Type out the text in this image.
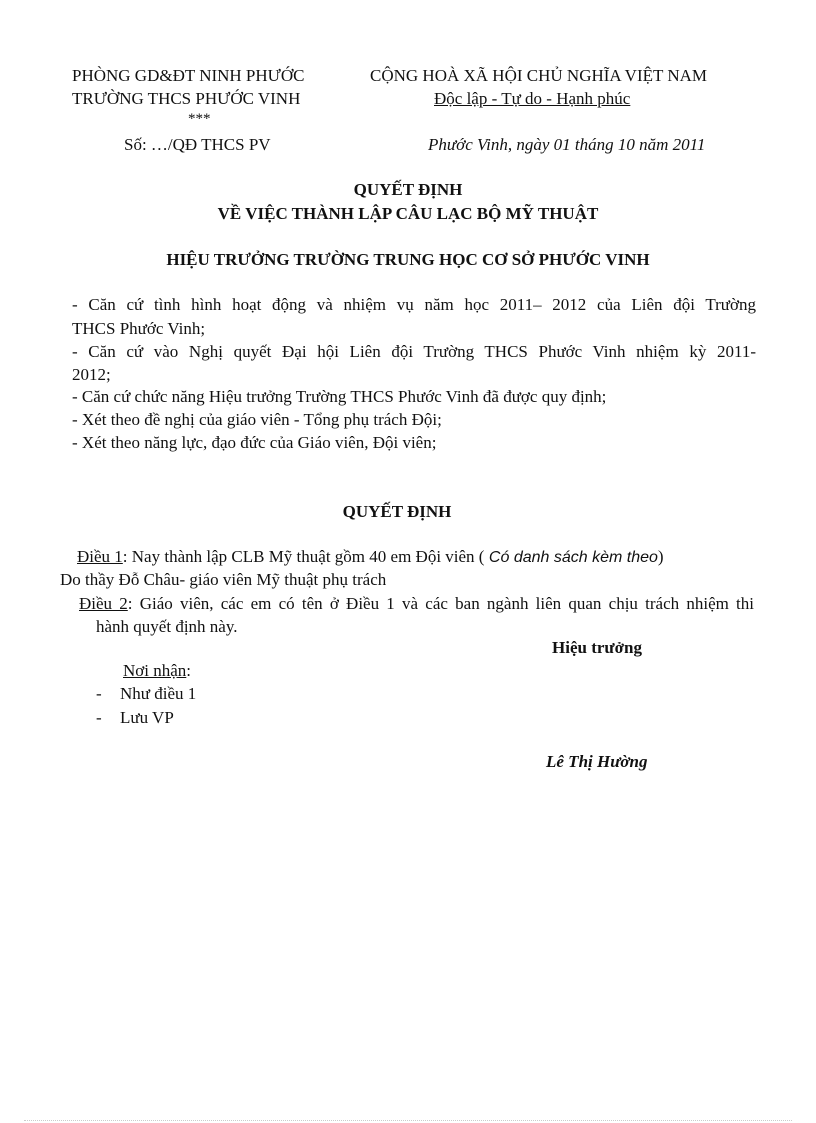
PHÒNG GD&ĐT NINH PHƯỚC
TRƯỜNG THCS PHƯỚC VINH
***
Số: …/QĐ THCS PV
CỘNG HOÀ XÃ HỘI CHỦ NGHĨA VIỆT NAM
Độc lập - Tự do - Hạnh phúc
Phước Vinh, ngày 01 tháng 10 năm 2011
QUYẾT ĐỊNH
VỀ VIỆC THÀNH LẬP CÂU LẠC BỘ MỸ THUẬT
HIỆU TRƯỞNG TRƯỜNG TRUNG HỌC CƠ SỞ PHƯỚC VINH
- Căn cứ tình hình hoạt động và nhiệm vụ năm học 2011– 2012 của Liên đội Trường
THCS Phước Vinh;
- Căn cứ vào Nghị quyết Đại hội Liên đội Trường THCS Phước Vinh nhiệm kỳ 2011-
2012;
- Căn cứ chức năng Hiệu trưởng Trường THCS Phước Vinh đã được quy định;
- Xét theo đề nghị của giáo viên - Tổng phụ trách Đội;
- Xét theo năng lực, đạo đức của Giáo viên, Đội viên;
QUYẾT ĐỊNH
Điều 1: Nay thành lập CLB Mỹ thuật gồm 40 em Đội viên ( Có danh sách kèm theo)
Do thầy Đỗ Châu- giáo viên Mỹ thuật phụ trách
Điều 2: Giáo viên, các em có tên ở Điều 1 và các ban ngành liên quan chịu trách nhiệm thi
hành quyết định này.
Hiệu trưởng
Lê Thị Hường
Nơi nhận:
- Như điều 1
- Lưu VP
